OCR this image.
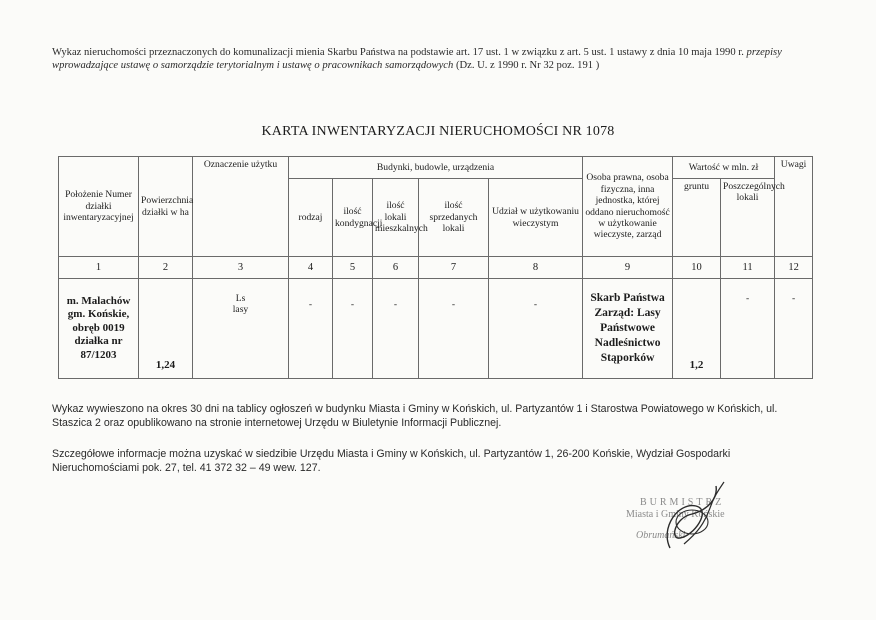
Wykaz nieruchomości przeznaczonych do komunalizacji mienia Skarbu Państwa na podstawie art. 17 ust. 1 w związku z art. 5 ust. 1 ustawy z dnia 10 maja 1990 r. przepisy wprowadzające ustawę o samorządzie terytorialnym i ustawę o pracownikach samorządowych (Dz. U. z 1990 r. Nr 32 poz. 191 )
KARTA INWENTARYZACJI NIERUCHOMOŚCI NR 1078
Położenie Numer działki inwentaryzacyjnej	Powierzchnia działki w ha	Oznaczenie użytku	Budynki, budowle, urządzenia					Osoba prawna, osoba fizyczna, inna jednostka, której oddano nieruchomość w użytkowanie wieczyste, zarząd	Wartość w mln. zł		Uwagi
			rodzaj	ilość kondygnacji	ilość lokali mieszkalnych	ilość sprzedanych lokali	Udział w użytkowaniu wieczystym		gruntu	Poszczególnych lokali	
1	2	3	4	5	6	7	8	9	10	11	12
m. Malachów gm. Końskie, obręb 0019 działka nr 87/1203	1,24	Ls
lasy	-	-	-	-	-	Skarb Państwa Zarząd: Lasy Państwowe Nadleśnictwo Stąporków	1,2	-	-
Wykaz wywieszono na okres 30 dni na tablicy ogłoszeń w budynku Miasta i Gminy w Końskich, ul. Partyzantów 1 i Starostwa Powiatowego w Końskich, ul. Staszica 2 oraz opublikowano na stronie internetowej Urzędu w Biuletynie Informacji Publicznej.
Szczegółowe informacje można uzyskać w siedzibie Urzędu Miasta i Gminy w Końskich, ul. Partyzantów 1, 26-200 Końskie, Wydział Gospodarki Nieruchomościami pok. 27, tel. 41 372 32 – 49 wew. 127.
BURMISTRZ
Miasta i Gminy Końskie
Obrumański
